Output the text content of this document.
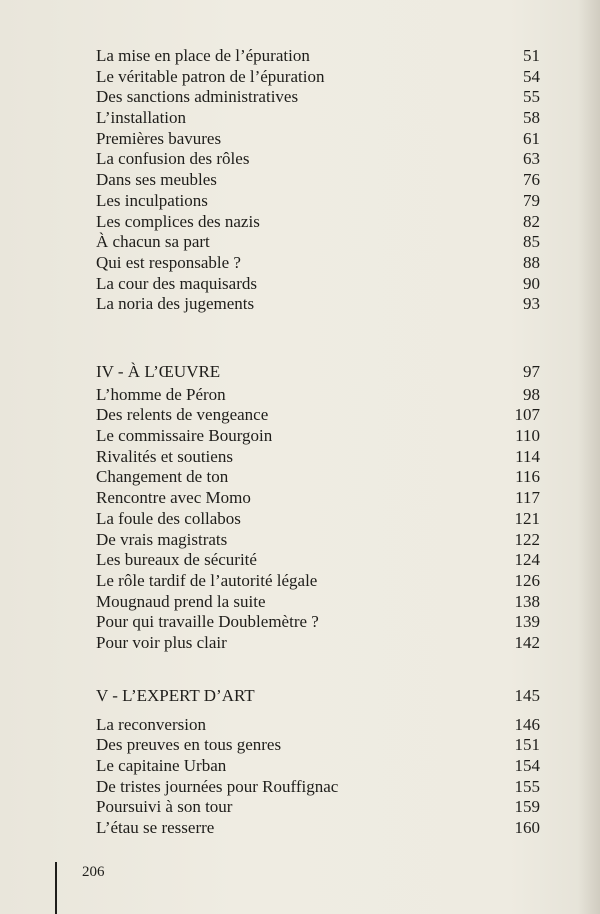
La mise en place de l’épuration	51
Le véritable patron de l’épuration	54
Des sanctions administratives	55
L’installation	58
Premières bavures	61
La confusion des rôles	63
Dans ses meubles	76
Les inculpations	79
Les complices des nazis	82
À chacun sa part	85
Qui est responsable ?	88
La cour des maquisards	90
La noria des jugements	93
IV - À L’ŒUVRE	97
L’homme de Péron	98
Des relents de vengeance	107
Le commissaire Bourgoin	110
Rivalités et soutiens	114
Changement de ton	116
Rencontre avec Momo	117
La foule des collabos	121
De vrais magistrats	122
Les bureaux de sécurité	124
Le rôle tardif de l’autorité légale	126
Mougnaud prend la suite	138
Pour qui travaille Doublemètre ?	139
Pour voir plus clair	142
V - L’EXPERT D’ART	145
La reconversion	146
Des preuves en tous genres	151
Le capitaine Urban	154
De tristes journées pour Rouffignac	155
Poursuivi à son tour	159
L’étau se resserre	160
206
